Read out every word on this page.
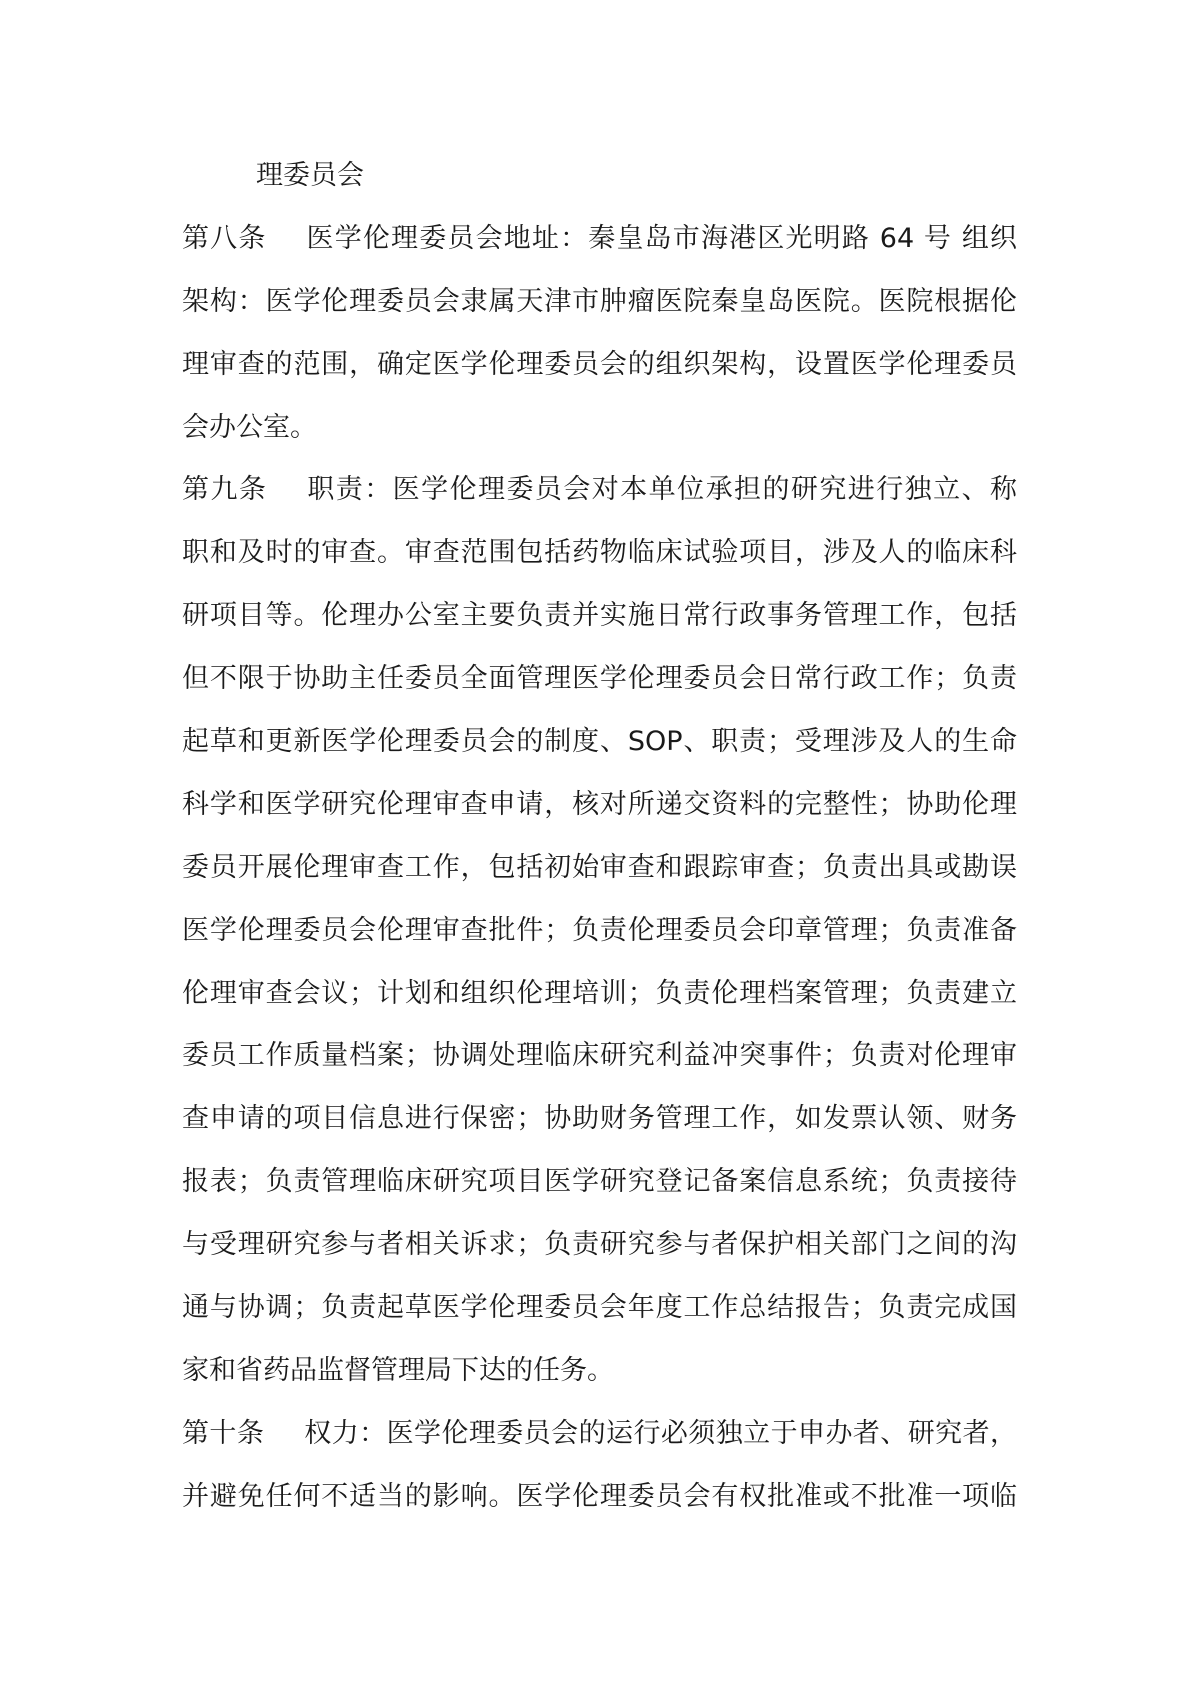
理委员会
第八条 医学伦理委员会地址：秦皇岛市海港区光明路 64 号 组织
架构：医学伦理委员会隶属天津市肿瘤医院秦皇岛医院。医院根据伦
理审查的范围，确定医学伦理委员会的组织架构，设置医学伦理委员
会办公室。
第九条 职责：医学伦理委员会对本单位承担的研究进行独立、称
职和及时的审查。审查范围包括药物临床试验项目，涉及人的临床科
研项目等。伦理办公室主要负责并实施日常行政事务管理工作，包括
但不限于协助主任委员全面管理医学伦理委员会日常行政工作；负责
起草和更新医学伦理委员会的制度、SOP、职责；受理涉及人的生命
科学和医学研究伦理审查申请，核对所递交资料的完整性；协助伦理
委员开展伦理审查工作，包括初始审查和跟踪审查；负责出具或勘误
医学伦理委员会伦理审查批件；负责伦理委员会印章管理；负责准备
伦理审查会议；计划和组织伦理培训；负责伦理档案管理；负责建立
委员工作质量档案；协调处理临床研究利益冲突事件；负责对伦理审
查申请的项目信息进行保密；协助财务管理工作，如发票认领、财务
报表；负责管理临床研究项目医学研究登记备案信息系统；负责接待
与受理研究参与者相关诉求；负责研究参与者保护相关部门之间的沟
通与协调；负责起草医学伦理委员会年度工作总结报告；负责完成国
家和省药品监督管理局下达的任务。
第十条 权力：医学伦理委员会的运行必须独立于申办者、研究者，
并避免任何不适当的影响。医学伦理委员会有权批准或不批准一项临
